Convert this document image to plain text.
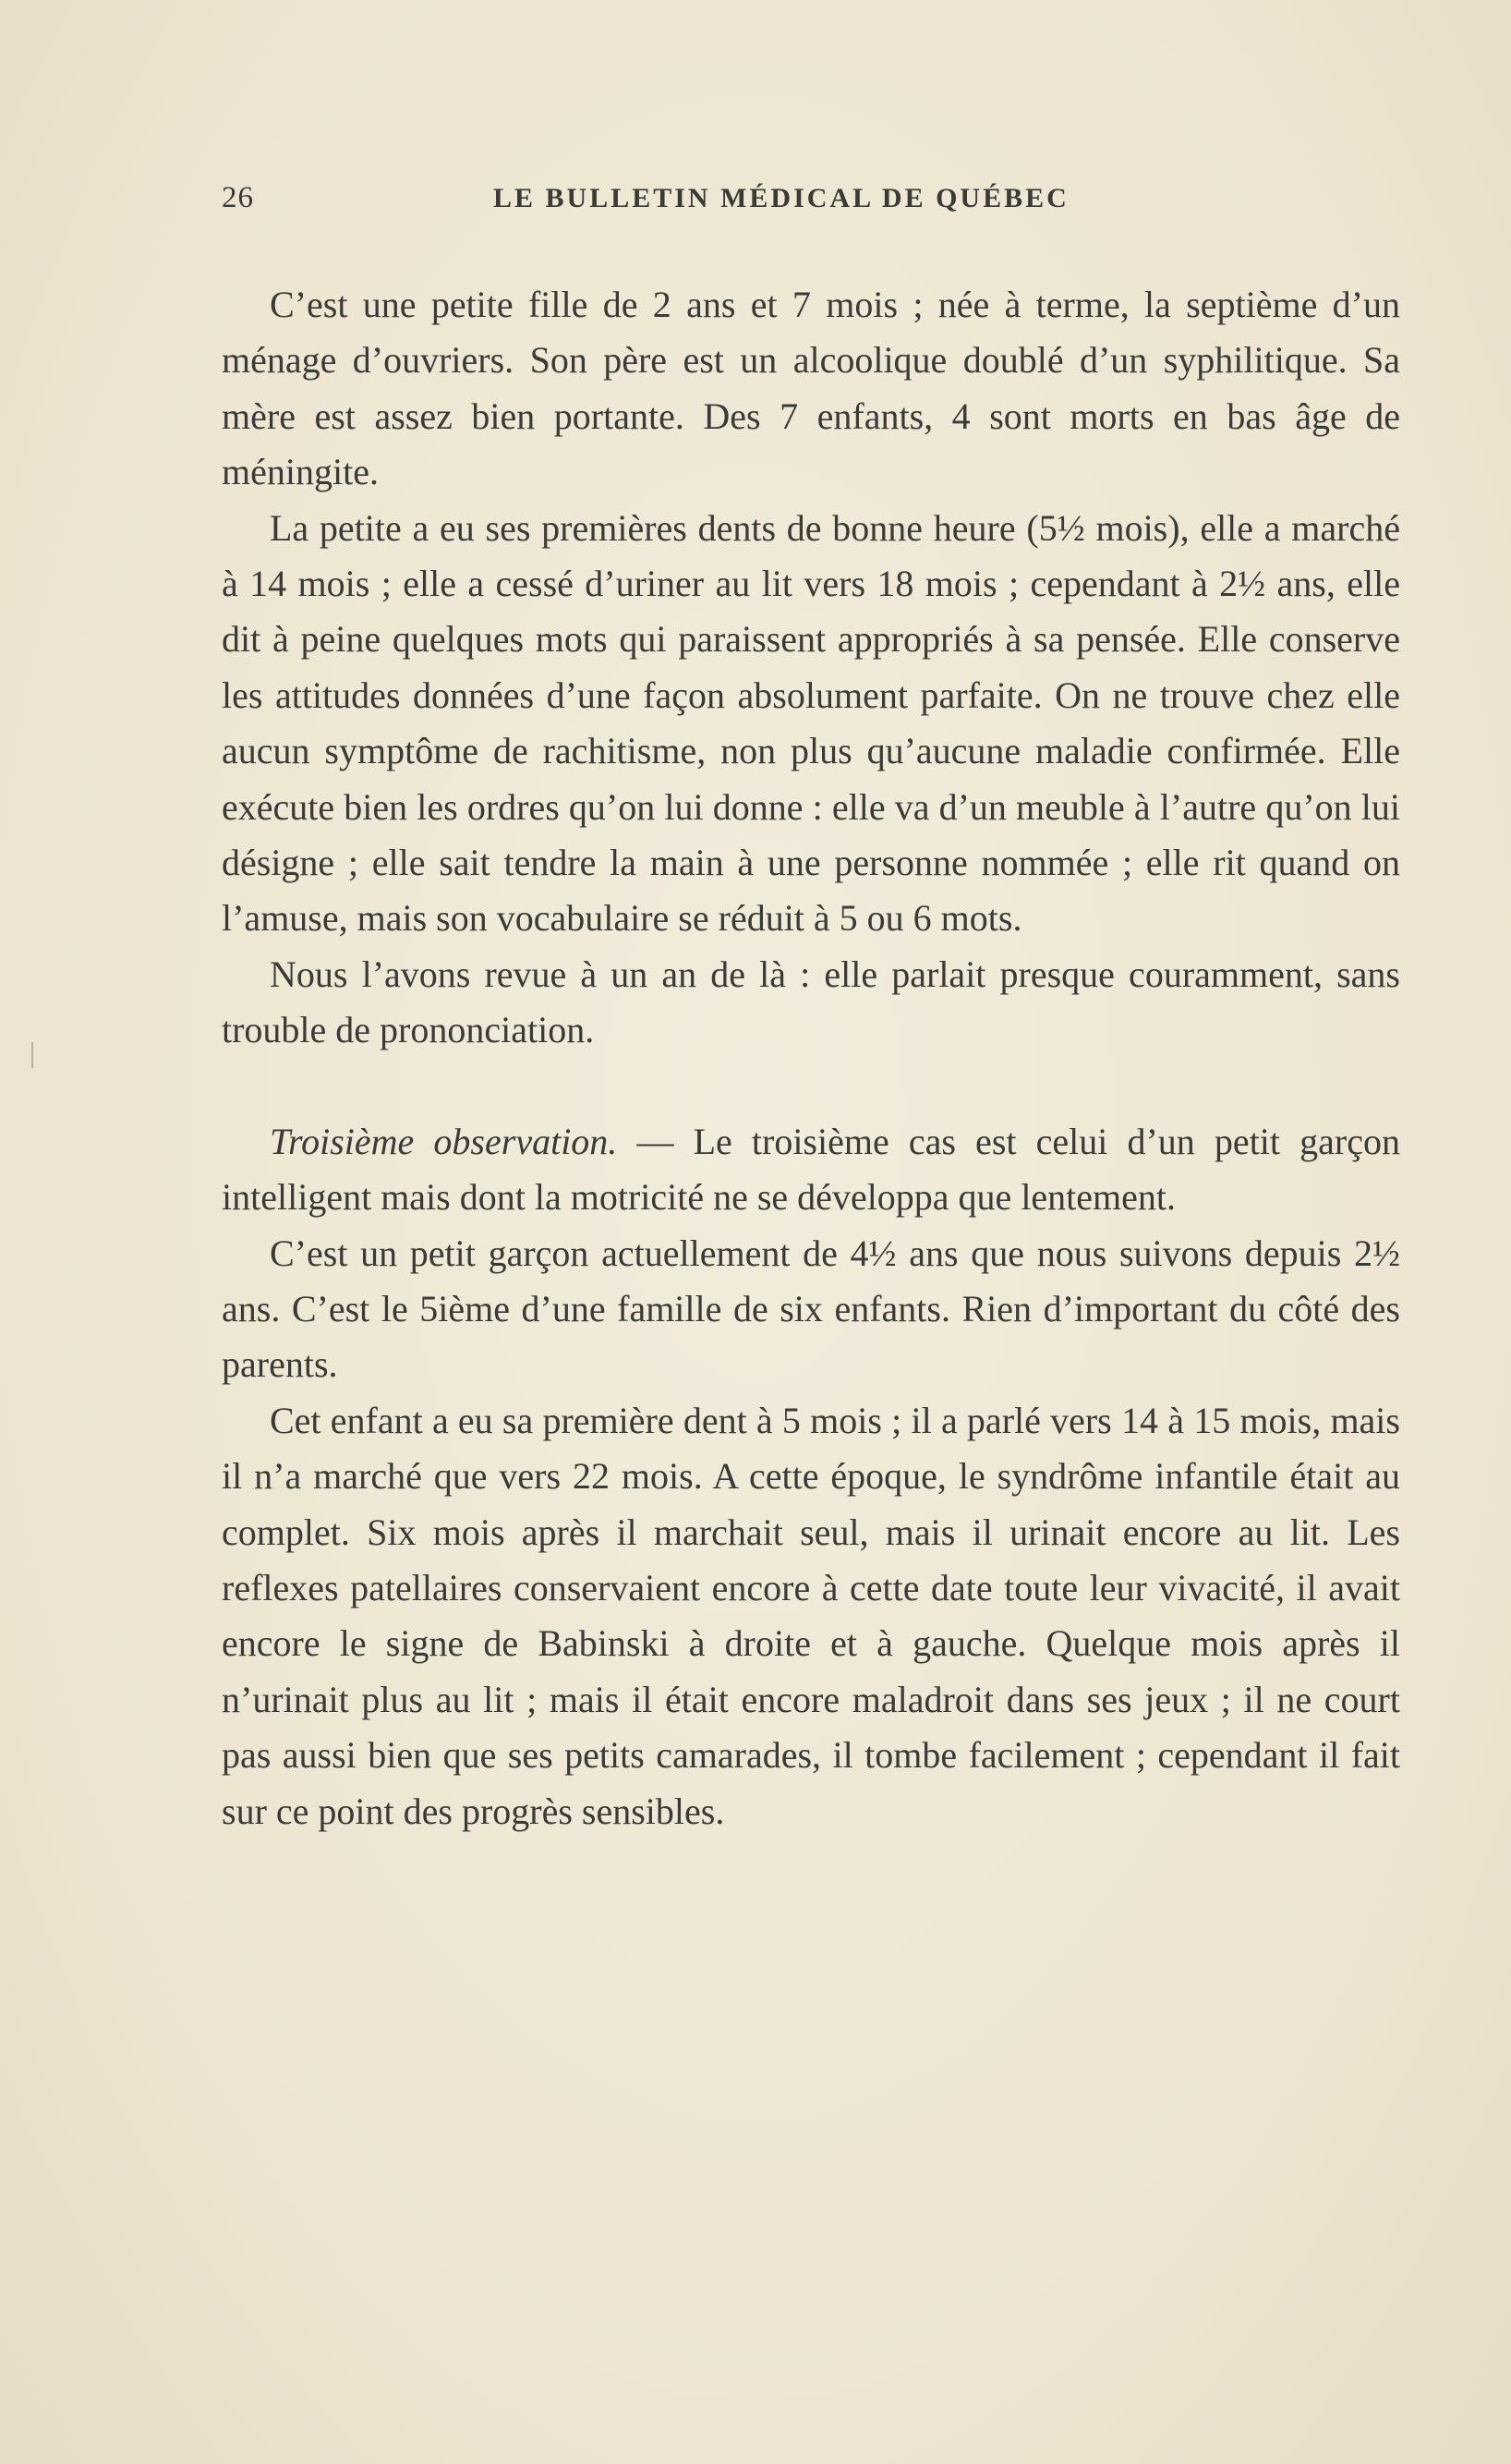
26	LE BULLETIN MÉDICAL DE QUÉBEC

C’est une petite fille de 2 ans et 7 mois ; née à terme, la septième d’un ménage d’ouvriers. Son père est un alcoolique doublé d’un syphilitique. Sa mère est assez bien portante. Des 7 enfants, 4 sont morts en bas âge de méningite.

La petite a eu ses premières dents de bonne heure (5½ mois), elle a marché à 14 mois ; elle a cessé d’uriner au lit vers 18 mois ; cependant à 2½ ans, elle dit à peine quelques mots qui paraissent appropriés à sa pensée. Elle conserve les attitudes données d’une façon absolument parfaite. On ne trouve chez elle aucun symptôme de rachitisme, non plus qu’aucune maladie confirmée. Elle exécute bien les ordres qu’on lui donne : elle va d’un meuble à l’autre qu’on lui désigne ; elle sait tendre la main à une personne nommée ; elle rit quand on l’amuse, mais son vocabulaire se réduit à 5 ou 6 mots.

Nous l’avons revue à un an de là : elle parlait presque couramment, sans trouble de prononciation.

Troisième observation. — Le troisième cas est celui d’un petit garçon intelligent mais dont la motricité ne se développa que lentement.

C’est un petit garçon actuellement de 4½ ans que nous suivons depuis 2½ ans. C’est le 5ième d’une famille de six enfants. Rien d’important du côté des parents.

Cet enfant a eu sa première dent à 5 mois ; il a parlé vers 14 à 15 mois, mais il n’a marché que vers 22 mois. A cette époque, le syndrôme infantile était au complet. Six mois après il marchait seul, mais il urinait encore au lit. Les reflexes patellaires conservaient encore à cette date toute leur vivacité, il avait encore le signe de Babinski à droite et à gauche. Quelque mois après il n’urinait plus au lit ; mais il était encore maladroit dans ses jeux ; il ne court pas aussi bien que ses petits camarades, il tombe facilement ; cependant il fait sur ce point des progrès sensibles.
